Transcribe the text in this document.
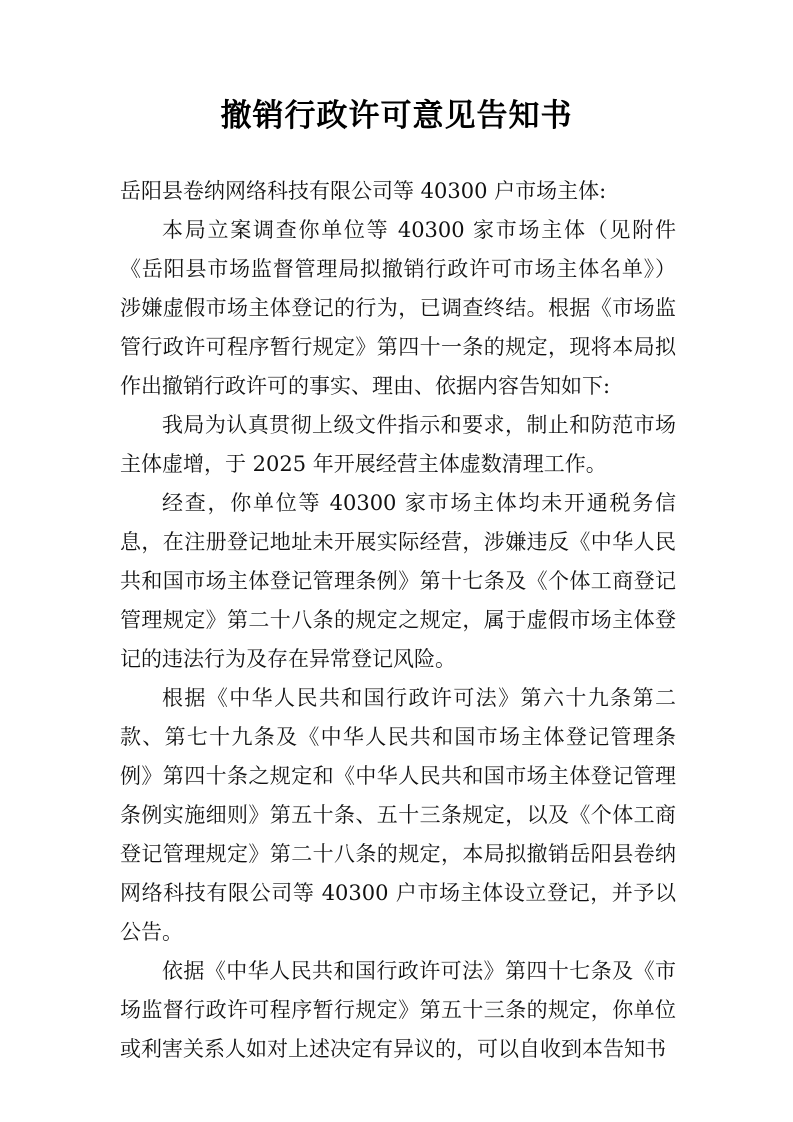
撤销行政许可意见告知书

岳阳县卷纳网络科技有限公司等 40300 户市场主体:

本局立案调查你单位等 40300 家市场主体（见附件《岳阳县市场监督管理局拟撤销行政许可市场主体名单》）涉嫌虚假市场主体登记的行为，已调查终结。根据《市场监管行政许可程序暂行规定》第四十一条的规定，现将本局拟作出撤销行政许可的事实、理由、依据内容告知如下:

我局为认真贯彻上级文件指示和要求，制止和防范市场主体虚增，于 2025 年开展经营主体虚数清理工作。

经查，你单位等 40300 家市场主体均未开通税务信息，在注册登记地址未开展实际经营，涉嫌违反《中华人民共和国市场主体登记管理条例》第十七条及《个体工商登记管理规定》第二十八条的规定之规定，属于虚假市场主体登记的违法行为及存在异常登记风险。

根据《中华人民共和国行政许可法》第六十九条第二款、第七十九条及《中华人民共和国市场主体登记管理条例》第四十条之规定和《中华人民共和国市场主体登记管理条例实施细则》第五十条、五十三条规定，以及《个体工商登记管理规定》第二十八条的规定，本局拟撤销岳阳县卷纳网络科技有限公司等 40300 户市场主体设立登记，并予以公告。

依据《中华人民共和国行政许可法》第四十七条及《市场监督行政许可程序暂行规定》第五十三条的规定，你单位或利害关系人如对上述决定有异议的，可以自收到本告知书
